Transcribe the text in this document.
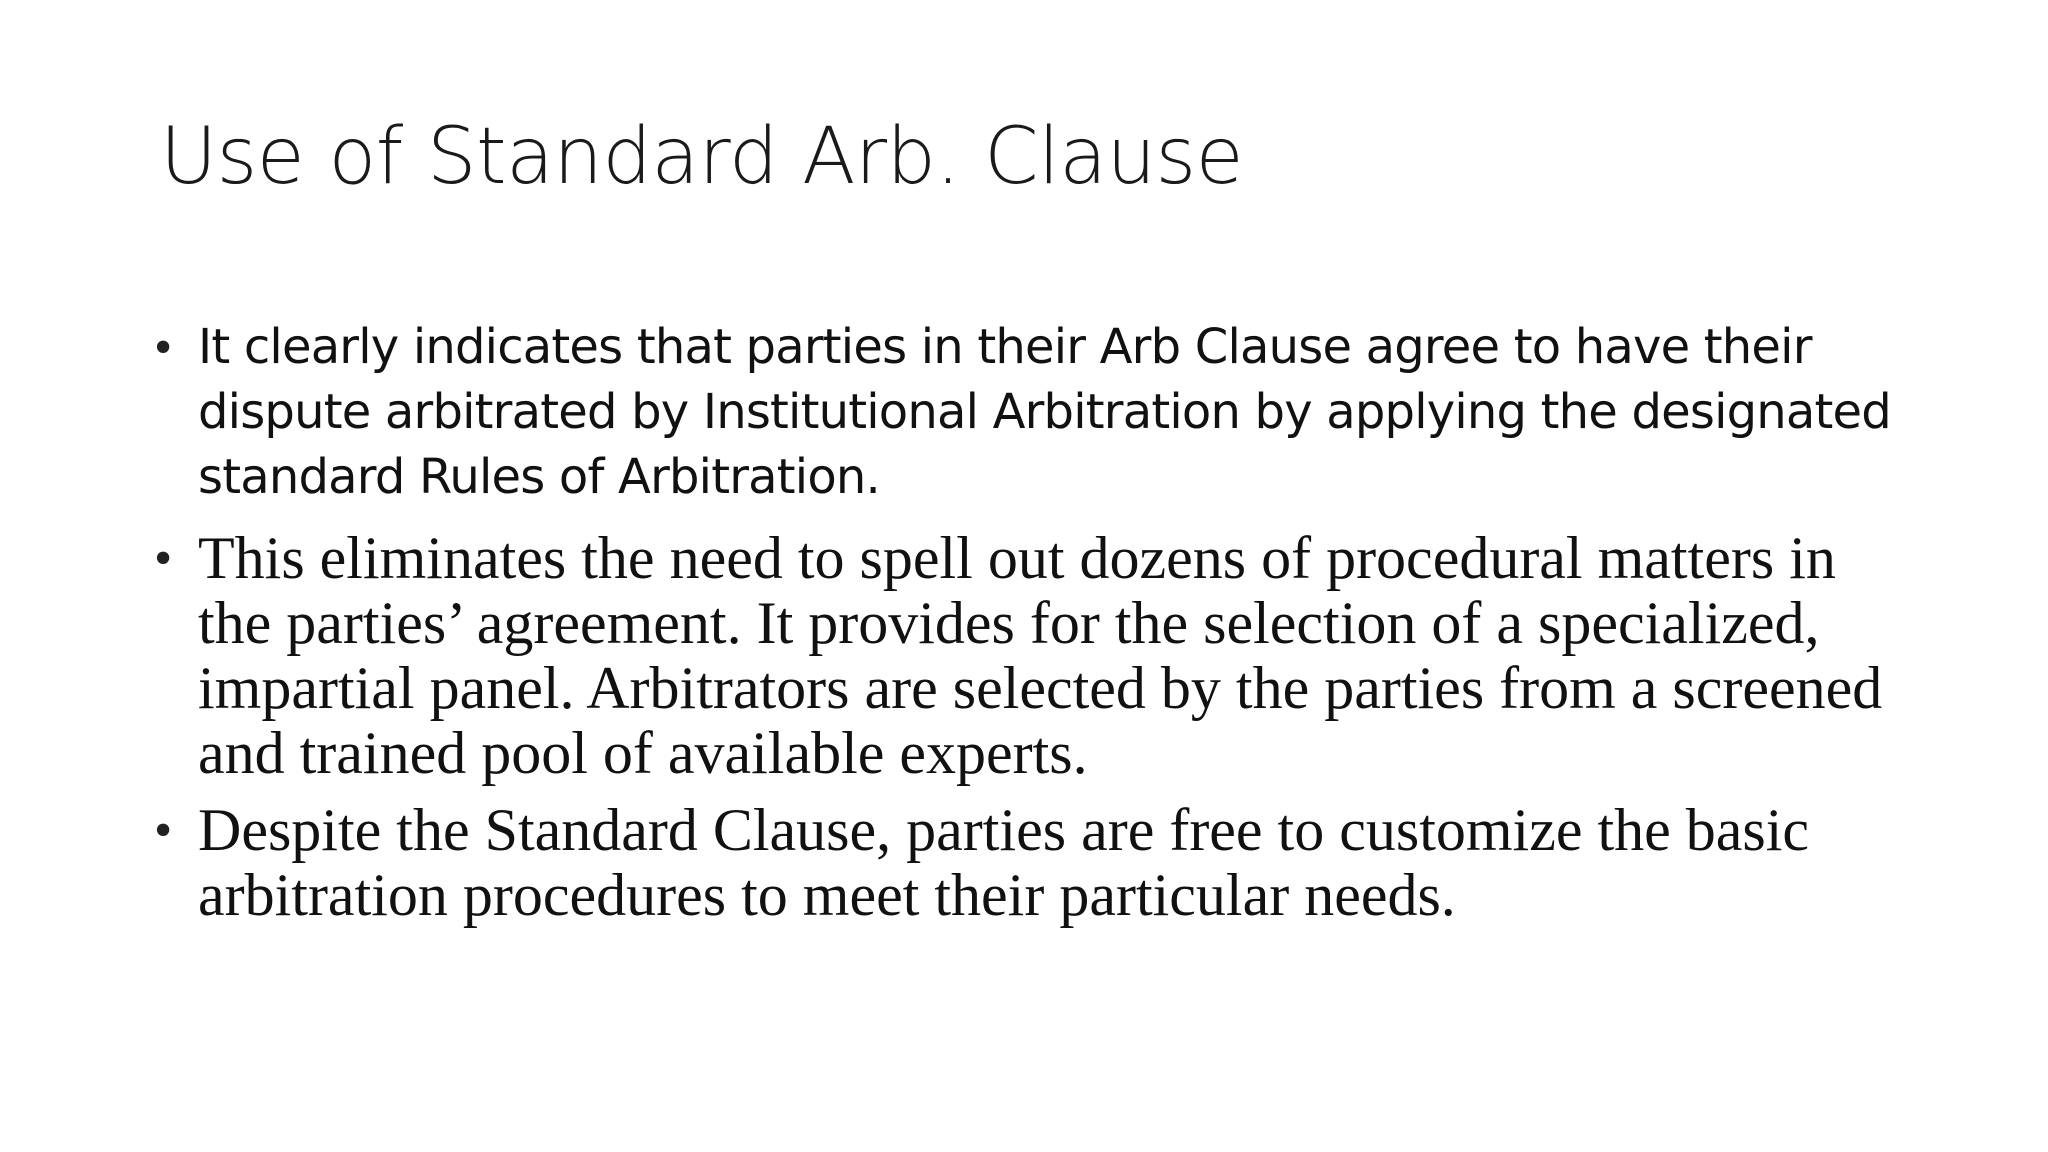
Use of Standard Arb. Clause
• It clearly indicates that parties in their Arb Clause agree to have their dispute arbitrated by Institutional Arbitration by applying the designated standard Rules of Arbitration.
• This eliminates the need to spell out dozens of procedural matters in the parties’ agreement. It provides for the selection of a specialized, impartial panel. Arbitrators are selected by the parties from a screened and trained pool of available experts.
• Despite the Standard Clause, parties are free to customize the basic arbitration procedures to meet their particular needs.
